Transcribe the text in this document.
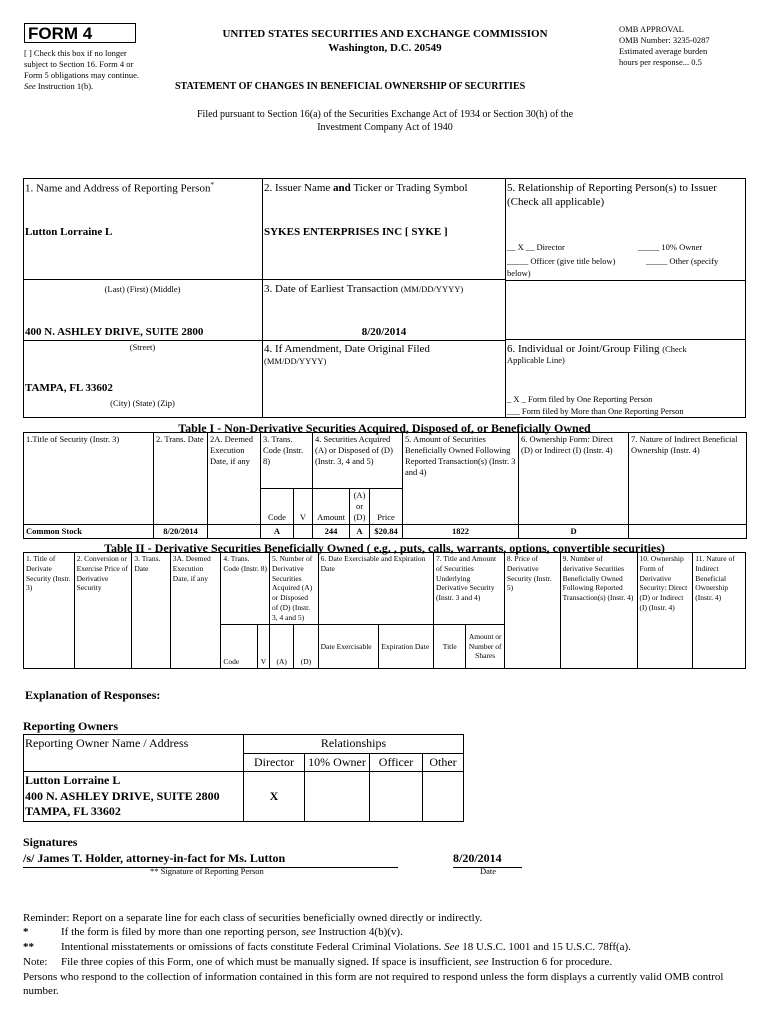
FORM 4
[ ] Check this box if no longer subject to Section 16. Form 4 or Form 5 obligations may continue. See Instruction 1(b).
UNITED STATES SECURITIES AND EXCHANGE COMMISSION
Washington, D.C. 20549
STATEMENT OF CHANGES IN BENEFICIAL OWNERSHIP OF SECURITIES
OMB APPROVAL
OMB Number: 3235-0287
Estimated average burden
hours per response... 0.5
Filed pursuant to Section 16(a) of the Securities Exchange Act of 1934 or Section 30(h) of the
Investment Company Act of 1940
1. Name and Address of Reporting Person*
Lutton Lorraine L
(Last) (First) (Middle)
400 N. ASHLEY DRIVE, SUITE 2800
(Street)
TAMPA, FL 33602
(City) (State) (Zip)
2. Issuer Name and Ticker or Trading Symbol
SYKES ENTERPRISES INC [ SYKE ]
3. Date of Earliest Transaction (MM/DD/YYYY)
8/20/2014
4. If Amendment, Date Original Filed
(MM/DD/YYYY)
5. Relationship of Reporting Person(s) to Issuer
(Check all applicable)
__ X __ Director	_____ 10% Owner
_____ Officer (give title below)	_____ Other (specify
below)
6. Individual or Joint/Group Filing (Check
Applicable Line)
_ X _ Form filed by One Reporting Person
___ Form filed by More than One Reporting Person
Table I - Non-Derivative Securities Acquired, Disposed of, or Beneficially Owned
1.Title of Security (Instr. 3)	2. Trans. Date	2A. Deemed Execution Date, if any	3. Trans. Code (Instr. 8)		4. Securities Acquired (A) or Disposed of (D) (Instr. 3, 4 and 5)			5. Amount of Securities Beneficially Owned Following Reported Transaction(s) (Instr. 3 and 4)	6. Ownership Form: Direct (D) or Indirect (I) (Instr. 4)	7. Nature of Indirect Beneficial Ownership (Instr. 4)
			Code	V	Amount	(A) or (D)	Price			
Common Stock	8/20/2014		A		244	A	$20.84	1822	D	
Table II - Derivative Securities Beneficially Owned ( e.g. , puts, calls, warrants, options, convertible securities)
1. Title of Derivate Security (Instr. 3)	2. Conversion or Exercise Price of Derivative Security	3. Trans. Date	3A. Deemed Execution Date, if any	4. Trans. Code (Instr. 8)		5. Number of Derivative Securities Acquired (A) or Disposed of (D) (Instr. 3, 4 and 5)		6. Date Exercisable and Expiration Date		7. Title and Amount of Securities Underlying Derivative Security (Instr. 3 and 4)		8. Price of Derivative Security (Instr. 5)	9. Number of derivative Securities Beneficially Owned Following Reported Transaction(s) (Instr. 4)	10. Ownership Form of Derivative Security: Direct (D) or Indirect (I) (Instr. 4)	11. Nature of Indirect Beneficial Ownership (Instr. 4)
				Code	V	(A)	(D)	Date Exercisable	Expiration Date	Title	Amount or Number of Shares				
Explanation of Responses:
Reporting Owners
Reporting Owner Name / Address	Relationships			
	Director	10% Owner	Officer	Other

Lutton Lorraine L
400 N. ASHLEY DRIVE, SUITE 2800
TAMPA, FL 33602	X			
Signatures
/s/ James T. Holder, attorney-in-fact for Ms. Lutton	8/20/2014
** Signature of Reporting Person	Date
Reminder: Report on a separate line for each class of securities beneficially owned directly or indirectly.
*	If the form is filed by more than one reporting person, see Instruction 4(b)(v).
** Intentional misstatements or omissions of facts constitute Federal Criminal Violations. See 18 U.S.C. 1001 and 15 U.S.C. 78ff(a).
Note: File three copies of this Form, one of which must be manually signed. If space is insufficient, see Instruction 6 for procedure.
Persons who respond to the collection of information contained in this form are not required to respond unless the form displays a currently valid OMB control number.
